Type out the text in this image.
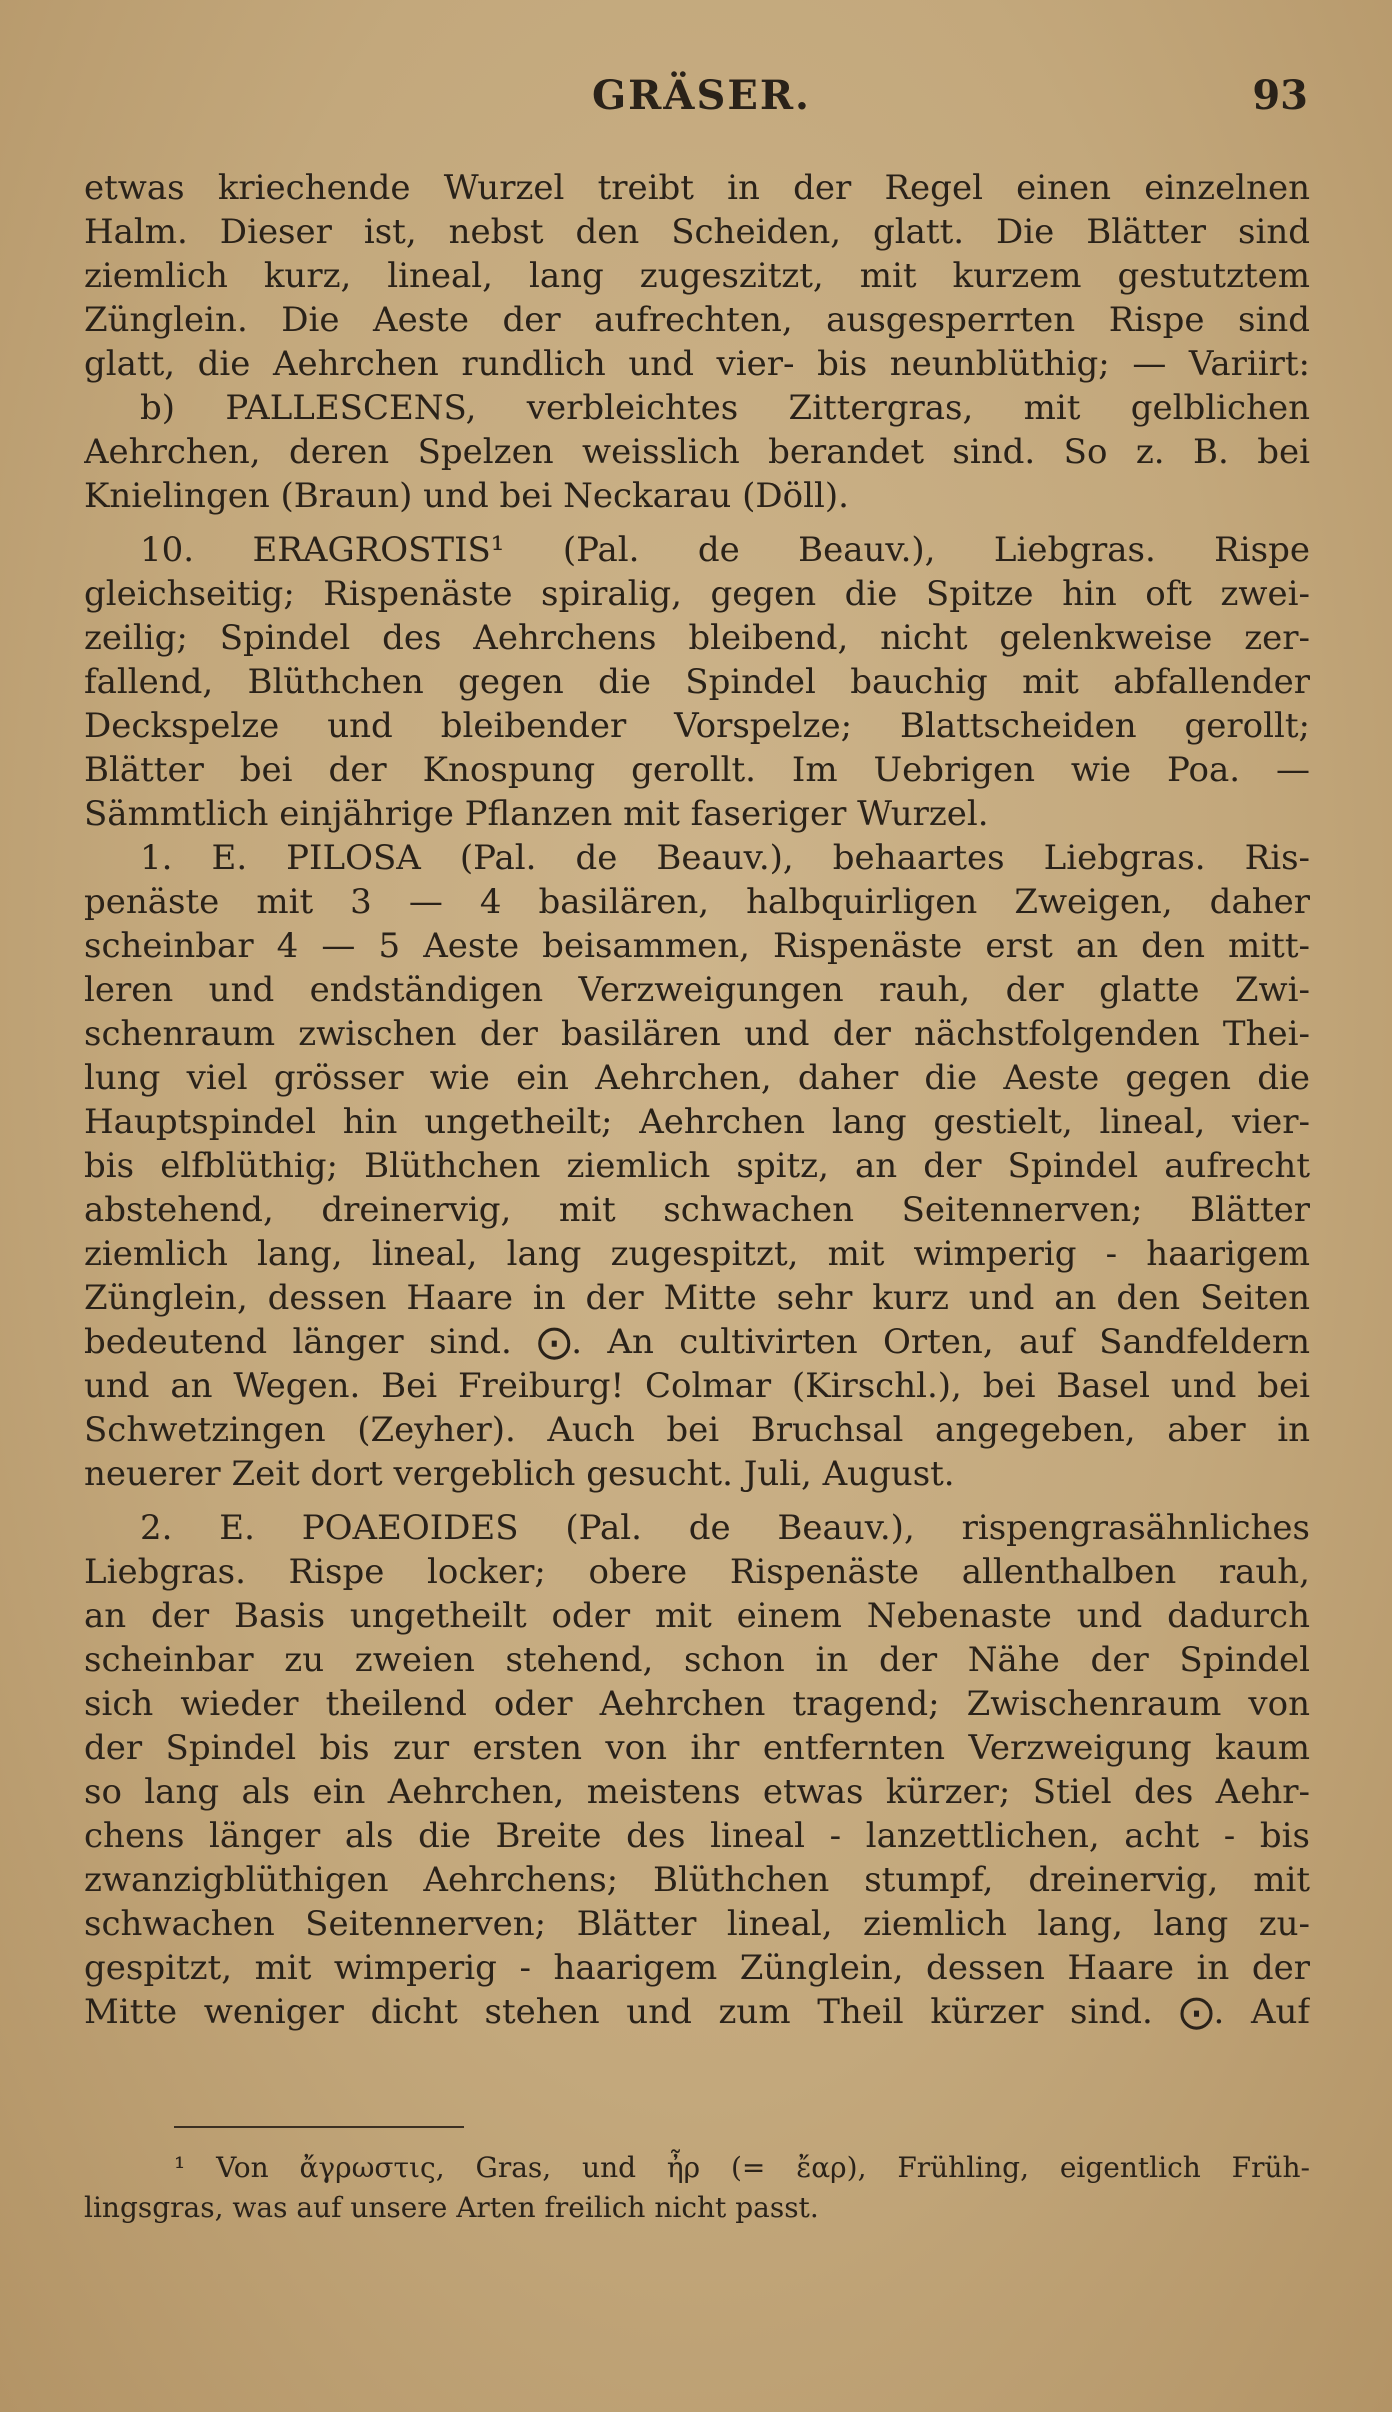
GRÄSER.	93
etwas kriechende Wurzel treibt in der Regel einen einzelnen
Halm. Dieser ist, nebst den Scheiden, glatt. Die Blätter sind
ziemlich kurz, lineal, lang zugeszitzt, mit kurzem gestutztem
Zünglein. Die Aeste der aufrechten, ausgesperrten Rispe sind
glatt, die Aehrchen rundlich und vier- bis neunblüthig; — Variirt:
b) PALLESCENS, verbleichtes Zittergras, mit gelblichen
Aehrchen, deren Spelzen weisslich berandet sind. So z. B. bei
Knielingen (Braun) und bei Neckarau (Döll).
10. ERAGROSTIS¹ (Pal. de Beauv.), Liebgras. Rispe
gleichseitig; Rispenäste spiralig, gegen die Spitze hin oft zwei-
zeilig; Spindel des Aehrchens bleibend, nicht gelenkweise zer-
fallend, Blüthchen gegen die Spindel bauchig mit abfallender
Deckspelze und bleibender Vorspelze; Blattscheiden gerollt;
Blätter bei der Knospung gerollt. Im Uebrigen wie Poa. —
Sämmtlich einjährige Pflanzen mit faseriger Wurzel.
1. E. PILOSA (Pal. de Beauv.), behaartes Liebgras. Ris-
penäste mit 3 — 4 basilären, halbquirligen Zweigen, daher
scheinbar 4 — 5 Aeste beisammen, Rispenäste erst an den mitt-
leren und endständigen Verzweigungen rauh, der glatte Zwi-
schenraum zwischen der basilären und der nächstfolgenden Thei-
lung viel grösser wie ein Aehrchen, daher die Aeste gegen die
Hauptspindel hin ungetheilt; Aehrchen lang gestielt, lineal, vier-
bis elfblüthig; Blüthchen ziemlich spitz, an der Spindel aufrecht
abstehend, dreinervig, mit schwachen Seitennerven; Blätter
ziemlich lang, lineal, lang zugespitzt, mit wimperig - haarigem
Zünglein, dessen Haare in der Mitte sehr kurz und an den Seiten
bedeutend länger sind. ⨀. An cultivirten Orten, auf Sandfeldern
und an Wegen. Bei Freiburg! Colmar (Kirschl.), bei Basel und bei
Schwetzingen (Zeyher). Auch bei Bruchsal angegeben, aber in
neuerer Zeit dort vergeblich gesucht. Juli, August.
2. E. POAEOIDES (Pal. de Beauv.), rispengrasähnliches
Liebgras. Rispe locker; obere Rispenäste allenthalben rauh,
an der Basis ungetheilt oder mit einem Nebenaste und dadurch
scheinbar zu zweien stehend, schon in der Nähe der Spindel
sich wieder theilend oder Aehrchen tragend; Zwischenraum von
der Spindel bis zur ersten von ihr entfernten Verzweigung kaum
so lang als ein Aehrchen, meistens etwas kürzer; Stiel des Aehr-
chens länger als die Breite des lineal - lanzettlichen, acht - bis
zwanzigblüthigen Aehrchens; Blüthchen stumpf, dreinervig, mit
schwachen Seitennerven; Blätter lineal, ziemlich lang, lang zu-
gespitzt, mit wimperig - haarigem Zünglein, dessen Haare in der
Mitte weniger dicht stehen und zum Theil kürzer sind. ⨀. Auf
¹ Von ἄγρωστις, Gras, und ἦρ (= ἔαρ), Frühling, eigentlich Früh-
lingsgras, was auf unsere Arten freilich nicht passt.
